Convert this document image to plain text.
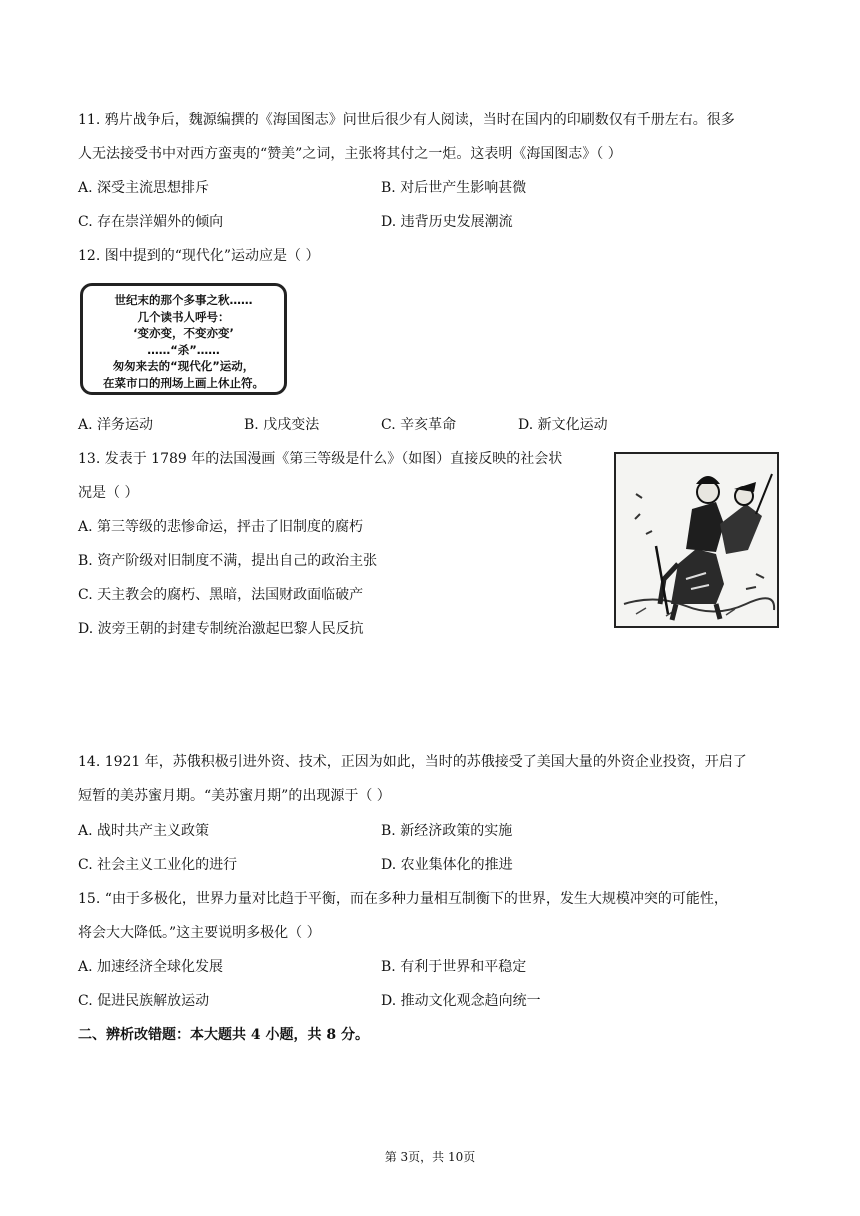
11. 鸦片战争后，魏源编撰的《海国图志》问世后很少有人阅读，当时在国内的印刷数仅有千册左右。很多
人无法接受书中对西方蛮夷的“赞美”之词，主张将其付之一炬。这表明《海国图志》（ ）
A. 深受主流思想排斥	B. 对后世产生影响甚微
C. 存在崇洋媚外的倾向	D. 违背历史发展潮流
12. 图中提到的“现代化”运动应是（ ）
世纪末的那个多事之秋……
几个读书人呼号：
‘变亦变，不变亦变’
……“杀”……
匆匆来去的“现代化”运动，
在菜市口的刑场上画上休止符。
A. 洋务运动	B. 戊戌变法	C. 辛亥革命	D. 新文化运动
13. 发表于 1789 年的法国漫画《第三等级是什么》（如图）直接反映的社会状
况是（ ）
A. 第三等级的悲惨命运，抨击了旧制度的腐朽
B. 资产阶级对旧制度不满，提出自己的政治主张
C. 天主教会的腐朽、黑暗，法国财政面临破产
D. 波旁王朝的封建专制统治激起巴黎人民反抗
14. 1921 年，苏俄积极引进外资、技术，正因为如此，当时的苏俄接受了美国大量的外资企业投资，开启了
短暂的美苏蜜月期。“美苏蜜月期”的出现源于（ ）
A. 战时共产主义政策	B. 新经济政策的实施
C. 社会主义工业化的进行	D. 农业集体化的推进
15. “由于多极化，世界力量对比趋于平衡，而在多种力量相互制衡下的世界，发生大规模冲突的可能性，
将会大大降低。”这主要说明多极化（ ）
A. 加速经济全球化发展	B. 有利于世界和平稳定
C. 促进民族解放运动	D. 推动文化观念趋向统一
二、辨析改错题：本大题共 4 小题，共 8 分。
第 3页，共 10页
